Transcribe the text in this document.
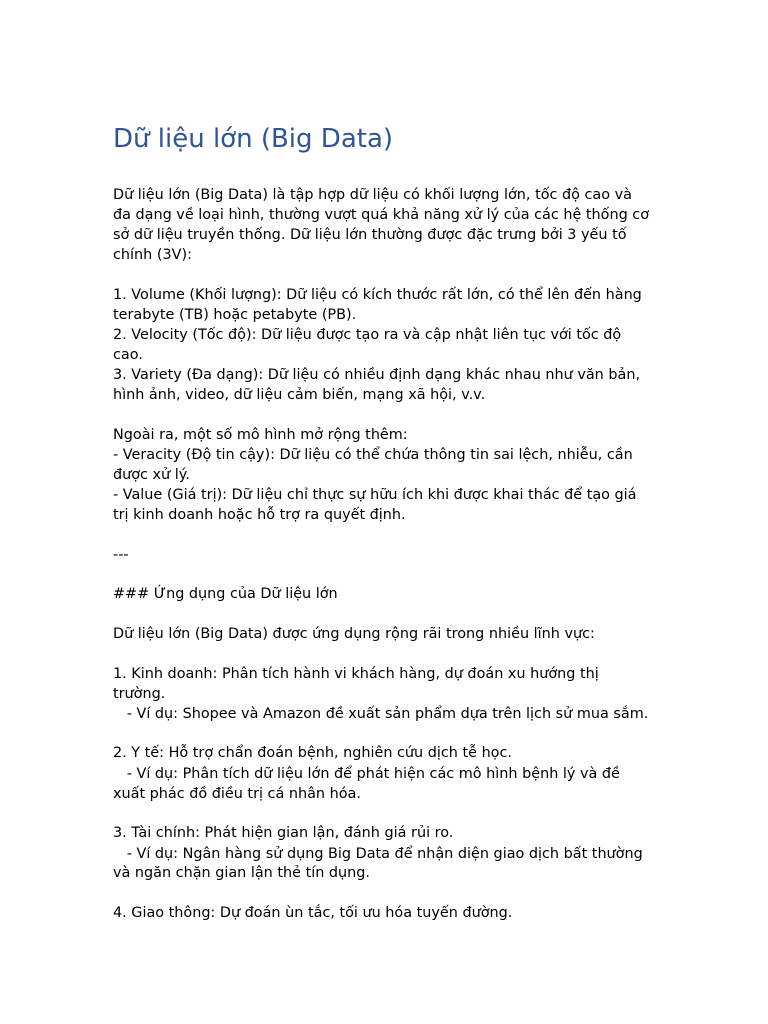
Dữ liệu lớn (Big Data)

Dữ liệu lớn (Big Data) là tập hợp dữ liệu có khối lượng lớn, tốc độ cao và

đa dạng về loại hình, thường vượt quá khả năng xử lý của các hệ thống cơ

sở dữ liệu truyền thống. Dữ liệu lớn thường được đặc trưng bởi 3 yếu tố

chính (3V):

1. Volume (Khối lượng): Dữ liệu có kích thước rất lớn, có thể lên đến hàng

terabyte (TB) hoặc petabyte (PB).

2. Velocity (Tốc độ): Dữ liệu được tạo ra và cập nhật liên tục với tốc độ

cao.

3. Variety (Đa dạng): Dữ liệu có nhiều định dạng khác nhau như văn bản,

hình ảnh, video, dữ liệu cảm biến, mạng xã hội, v.v.

Ngoài ra, một số mô hình mở rộng thêm:

- Veracity (Độ tin cậy): Dữ liệu có thể chứa thông tin sai lệch, nhiễu, cần

được xử lý.

- Value (Giá trị): Dữ liệu chỉ thực sự hữu ích khi được khai thác để tạo giá

trị kinh doanh hoặc hỗ trợ ra quyết định.

---

### Ứng dụng của Dữ liệu lớn

Dữ liệu lớn (Big Data) được ứng dụng rộng rãi trong nhiều lĩnh vực:

1. Kinh doanh: Phân tích hành vi khách hàng, dự đoán xu hướng thị

trường.

- Ví dụ: Shopee và Amazon đề xuất sản phẩm dựa trên lịch sử mua sắm.

2. Y tế: Hỗ trợ chẩn đoán bệnh, nghiên cứu dịch tễ học.

- Ví dụ: Phân tích dữ liệu lớn để phát hiện các mô hình bệnh lý và đề

xuất phác đồ điều trị cá nhân hóa.

3. Tài chính: Phát hiện gian lận, đánh giá rủi ro.

- Ví dụ: Ngân hàng sử dụng Big Data để nhận diện giao dịch bất thường

và ngăn chặn gian lận thẻ tín dụng.

4. Giao thông: Dự đoán ùn tắc, tối ưu hóa tuyến đường.
